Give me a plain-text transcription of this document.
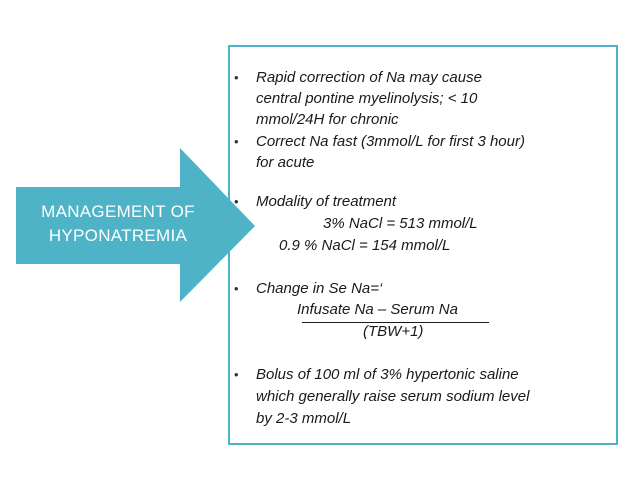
MANAGEMENT OF
HYPONATREMIA
• Rapid correction of Na may cause
central pontine myelinolysis; < 10
mmol/24H for chronic
• Correct Na fast (3mmol/L for first 3 hour)
for acute
• Modality of treatment
3% NaCl = 513 mmol/L
0.9 % NaCl = 154 mmol/L
• Change in Se Na=‘
Infusate Na – Serum Na
(TBW+1)
• Bolus of 100 ml of 3% hypertonic saline
which generally raise serum sodium level
by 2-3 mmol/L
